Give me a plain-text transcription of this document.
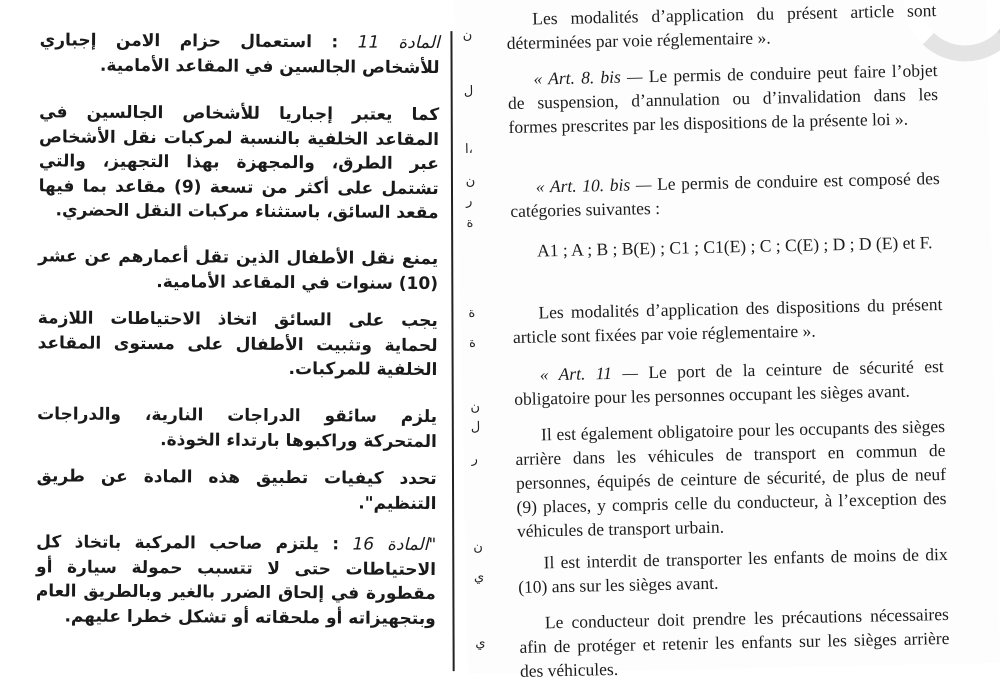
المادة 11 : استعمال حزام الامن إجباري للأشخاص الجالسين في المقاعد الأمامية.
كما يعتبر إجباريا للأشخاص الجالسين في المقاعد الخلفية بالنسبة لمركبات نقل الأشخاص عبر الطرق، والمجهزة بهذا التجهيز، والتي تشتمل على أكثر من تسعة (9) مقاعد بما فيها مقعد السائق، باستثناء مركبات النقل الحضري.
يمنع نقل الأطفال الذين تقل أعمارهم عن عشر (10) سنوات في المقاعد الأمامية.
يجب على السائق اتخاذ الاحتياطات اللازمة لحماية وتثبيت الأطفال على مستوى المقاعد الخلفية للمركبات.
يلزم سائقو الدراجات النارية، والدراجات المتحركة وراكبوها بارتداء الخوذة.
تحدد كيفيات تطبيق هذه المادة عن طريق التنظيم".
"المادة 16 : يلتزم صاحب المركبة باتخاذ كل الاحتياطات حتى لا تتسبب حمولة سيارة أو مقطورة في إلحاق الضرر بالغير وبالطريق العام وبتجهيزاته أو ملحقاته أو تشكل خطرا عليهم.
ن
ل
ا،
ن
ر
ة
ة
ة
ن
ل
ر
ن
ي
ي
Les modalités d’application du présent article sont déterminées par voie réglementaire ».
« Art. 8. bis — Le permis de conduire peut faire l’objet de suspension, d’annulation ou d’invalidation dans les formes prescrites par les dispositions de la présente loi ».
« Art. 10. bis — Le permis de conduire est composé des catégories suivantes :
A1 ; A ; B ; B(E) ; C1 ; C1(E) ; C ; C(E) ; D ; D (E) et F.
Les modalités d’application des dispositions du présent article sont fixées par voie réglementaire ».
« Art. 11 — Le port de la ceinture de sécurité est obligatoire pour les personnes occupant les sièges avant.
Il est également obligatoire pour les occupants des sièges arrière dans les véhicules de transport en commun de personnes, équipés de ceinture de sécurité, de plus de neuf (9) places, y compris celle du conducteur, à l’exception des véhicules de transport urbain.
Il est interdit de transporter les enfants de moins de dix (10) ans sur les sièges avant.
Le conducteur doit prendre les précautions nécessaires afin de protéger et retenir les enfants sur les sièges arrière des véhicules.
